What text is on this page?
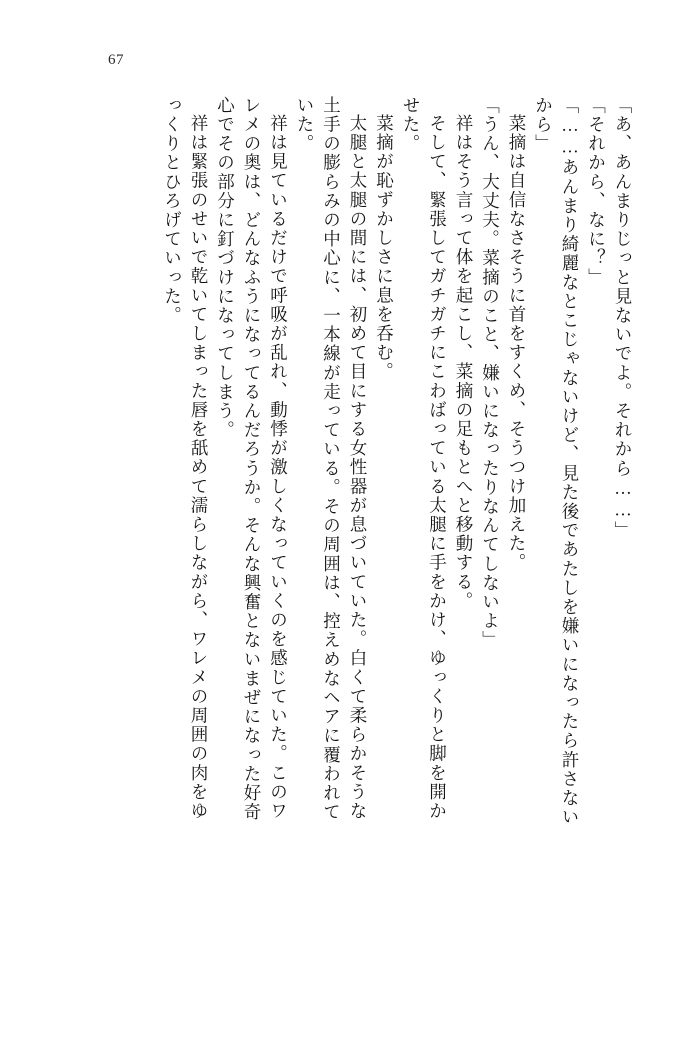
67
「あ、あんまりじっと見ないでよ。それから……」
「それから、なに？」
「……あんまり綺麗なとこじゃないけど、見た後であたしを嫌いになったら許さない
から」
菜摘は自信なさそうに首をすくめ、そうつけ加えた。
「うん、大丈夫。菜摘のこと、嫌いになったりなんてしないよ」
祥はそう言って体を起こし、菜摘の足もとへと移動する。
そして、緊張してガチガチにこわばっている太腿に手をかけ、ゆっくりと脚を開か
せた。
菜摘が恥ずかしさに息を呑む。
太腿と太腿の間には、初めて目にする女性器が息づいていた。白くて柔らかそうな
土手の膨らみの中心に、一本線が走っている。その周囲は、控えめなヘアに覆われて
いた。
祥は見ているだけで呼吸が乱れ、動悸が激しくなっていくのを感じていた。このワ
レメの奥は、どんなふうになってるんだろうか。そんな興奮とないまぜになった好奇
心でその部分に釘づけになってしまう。
祥は緊張のせいで乾いてしまった唇を舐めて濡らしながら、ワレメの周囲の肉をゆ
っくりとひろげていった。
